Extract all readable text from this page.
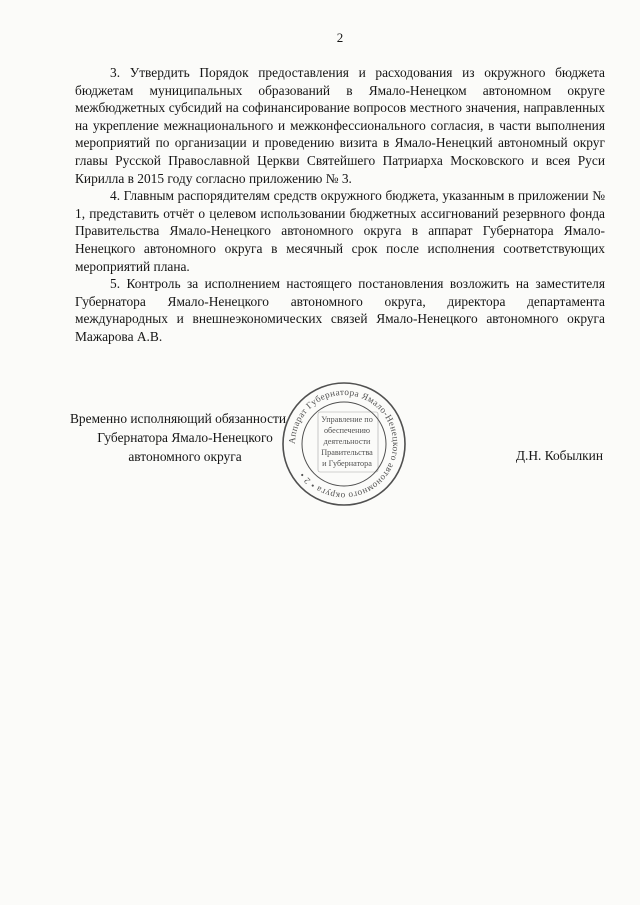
2

3. Утвердить Порядок предоставления и расходования из окружного бюджета бюджетам муниципальных образований в Ямало-Ненецком автономном округе межбюджетных субсидий на софинансирование вопросов местного значения, направленных на укрепление межнационального и межконфессионального согласия, в части выполнения мероприятий по организации и проведению визита в Ямало-Ненецкий автономный округ главы Русской Православной Церкви Святейшего Патриарха Московского и всея Руси Кирилла в 2015 году согласно приложению № 3.

4. Главным распорядителям средств окружного бюджета, указанным в приложении № 1, представить отчёт о целевом использовании бюджетных ассигнований резервного фонда Правительства Ямало-Ненецкого автономного округа в аппарат Губернатора Ямало-Ненецкого автономного округа в месячный срок после исполнения соответствующих мероприятий плана.

5. Контроль за исполнением настоящего постановления возложить на заместителя Губернатора Ямало-Ненецкого автономного округа, директора департамента международных и внешнеэкономических связей Ямало-Ненецкого автономного округа Мажарова А.В.

Временно исполняющий обязанности
Губернатора Ямало-Ненецкого
автономного округа
Аппарат Губернатора Ямало-Ненецкого автономного округа • 2 •
Управление по
обеспечению
деятельности
Правительства
и Губернатора
Д.Н. Кобылкин
